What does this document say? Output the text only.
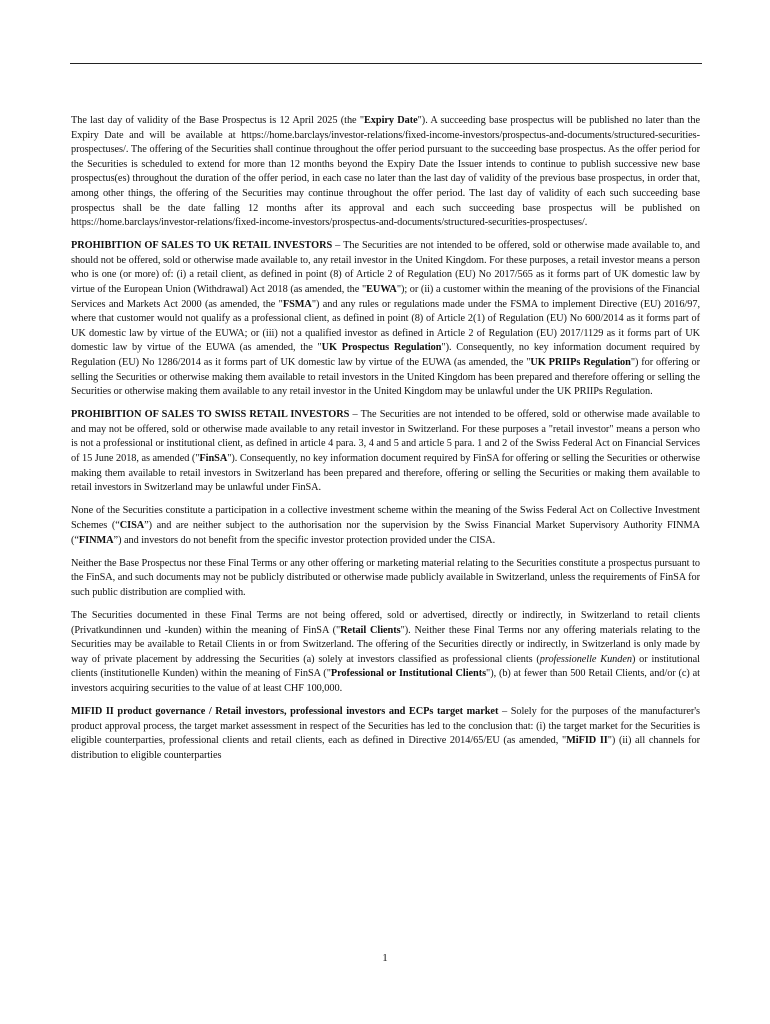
The last day of validity of the Base Prospectus is 12 April 2025 (the "Expiry Date"). A succeeding base prospectus will be published no later than the Expiry Date and will be available at https://home.barclays/investor-relations/fixed-income-investors/prospectus-and-documents/structured-securities-prospectuses/. The offering of the Securities shall continue throughout the offer period pursuant to the succeeding base prospectus. As the offer period for the Securities is scheduled to extend for more than 12 months beyond the Expiry Date the Issuer intends to continue to publish successive new base prospectus(es) throughout the duration of the offer period, in each case no later than the last day of validity of the previous base prospectus, in order that, among other things, the offering of the Securities may continue throughout the offer period. The last day of validity of each such succeeding base prospectus shall be the date falling 12 months after its approval and each such succeeding base prospectus will be published on https://home.barclays/investor-relations/fixed-income-investors/prospectus-and-documents/structured-securities-prospectuses/.

PROHIBITION OF SALES TO UK RETAIL INVESTORS – The Securities are not intended to be offered, sold or otherwise made available to, and should not be offered, sold or otherwise made available to, any retail investor in the United Kingdom. For these purposes, a retail investor means a person who is one (or more) of: (i) a retail client, as defined in point (8) of Article 2 of Regulation (EU) No 2017/565 as it forms part of UK domestic law by virtue of the European Union (Withdrawal) Act 2018 (as amended, the "EUWA"); or (ii) a customer within the meaning of the provisions of the Financial Services and Markets Act 2000 (as amended, the "FSMA") and any rules or regulations made under the FSMA to implement Directive (EU) 2016/97, where that customer would not qualify as a professional client, as defined in point (8) of Article 2(1) of Regulation (EU) No 600/2014 as it forms part of UK domestic law by virtue of the EUWA; or (iii) not a qualified investor as defined in Article 2 of Regulation (EU) 2017/1129 as it forms part of UK domestic law by virtue of the EUWA (as amended, the "UK Prospectus Regulation"). Consequently, no key information document required by Regulation (EU) No 1286/2014 as it forms part of UK domestic law by virtue of the EUWA (as amended, the "UK PRIIPs Regulation") for offering or selling the Securities or otherwise making them available to retail investors in the United Kingdom has been prepared and therefore offering or selling the Securities or otherwise making them available to any retail investor in the United Kingdom may be unlawful under the UK PRIIPs Regulation.

PROHIBITION OF SALES TO SWISS RETAIL INVESTORS – The Securities are not intended to be offered, sold or otherwise made available to and may not be offered, sold or otherwise made available to any retail investor in Switzerland. For these purposes a "retail investor" means a person who is not a professional or institutional client, as defined in article 4 para. 3, 4 and 5 and article 5 para. 1 and 2 of the Swiss Federal Act on Financial Services of 15 June 2018, as amended ("FinSA"). Consequently, no key information document required by FinSA for offering or selling the Securities or otherwise making them available to retail investors in Switzerland has been prepared and therefore, offering or selling the Securities or making them available to retail investors in Switzerland may be unlawful under FinSA.

None of the Securities constitute a participation in a collective investment scheme within the meaning of the Swiss Federal Act on Collective Investment Schemes (“CISA”) and are neither subject to the authorisation nor the supervision by the Swiss Financial Market Supervisory Authority FINMA (“FINMA”) and investors do not benefit from the specific investor protection provided under the CISA.

Neither the Base Prospectus nor these Final Terms or any other offering or marketing material relating to the Securities constitute a prospectus pursuant to the FinSA, and such documents may not be publicly distributed or otherwise made publicly available in Switzerland, unless the requirements of FinSA for such public distribution are complied with.

The Securities documented in these Final Terms are not being offered, sold or advertised, directly or indirectly, in Switzerland to retail clients (Privatkundinnen und -kunden) within the meaning of FinSA ("Retail Clients"). Neither these Final Terms nor any offering materials relating to the Securities may be available to Retail Clients in or from Switzerland. The offering of the Securities directly or indirectly, in Switzerland is only made by way of private placement by addressing the Securities (a) solely at investors classified as professional clients (professionelle Kunden) or institutional clients (institutionelle Kunden) within the meaning of FinSA ("Professional or Institutional Clients"), (b) at fewer than 500 Retail Clients, and/or (c) at investors acquiring securities to the value of at least CHF 100,000.

MIFID II product governance / Retail investors, professional investors and ECPs target market – Solely for the purposes of the manufacturer's product approval process, the target market assessment in respect of the Securities has led to the conclusion that: (i) the target market for the Securities is eligible counterparties, professional clients and retail clients, each as defined in Directive 2014/65/EU (as amended, "MiFID II") (ii) all channels for distribution to eligible counterparties

1
